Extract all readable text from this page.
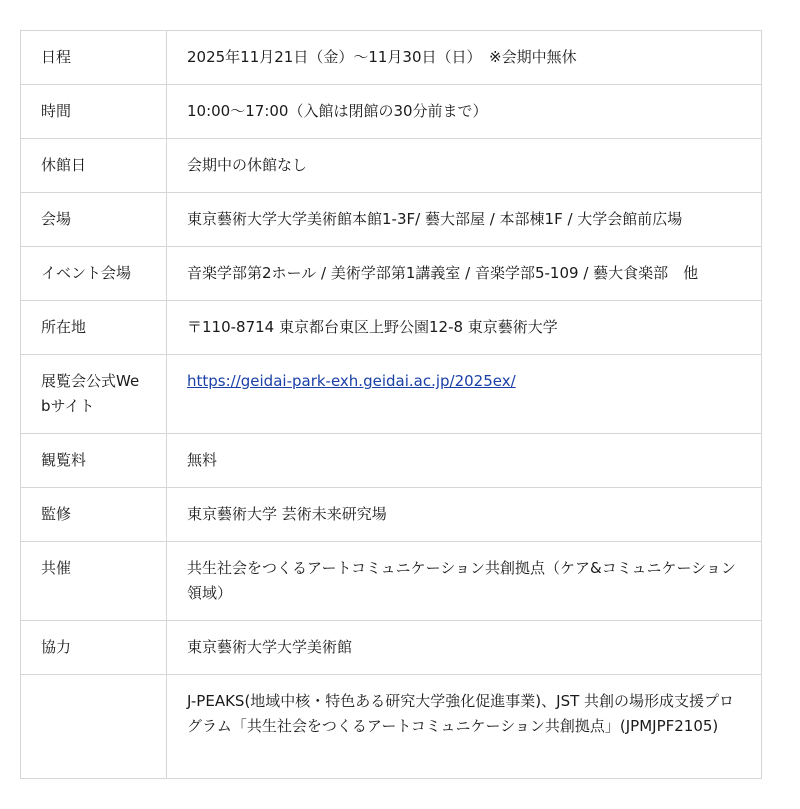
日程	2025年11月21日（金）〜11月30日（日）　※会期中無休
時間	10:00〜17:00（入館は閉館の30分前まで）
休館日	会期中の休館なし
会場	東京藝術大学大学美術館本館1-3F/ 藝大部屋 / 本部棟1F / 大学会館前広場
イベント会場	音楽学部第2ホール / 美術学部第1講義室 / 音楽学部5-109 / 藝大食楽部　他
所在地	〒110-8714 東京都台東区上野公園12-8 東京藝術大学
展覧会公式Webサイト	https://geidai-park-exh.geidai.ac.jp/2025ex/
観覧料	無料
監修	東京藝術大学 芸術未来研究場
共催	共生社会をつくるアートコミュニケーション共創拠点（ケア&コミュニケーション領域）
協力	東京藝術大学大学美術館
	J-PEAKS(地域中核・特色ある研究大学強化促進事業)、JST 共創の場形成支援プログラム「共生社会をつくるアートコミュニケーション共創拠点」(JPMJPF2105)
